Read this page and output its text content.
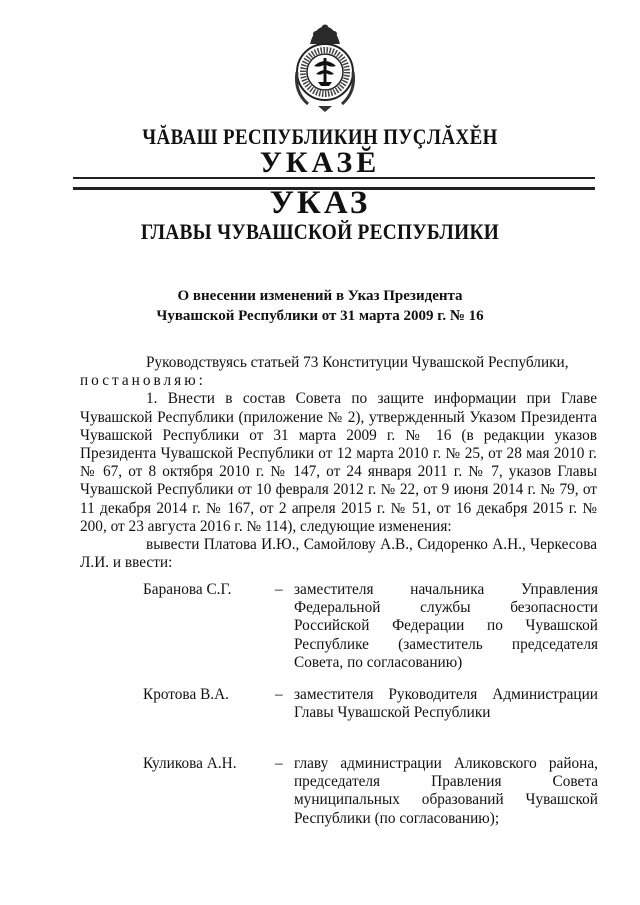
ЧĂВАШ РЕСПУБЛИКИН ПУÇЛĂХĔН
УКАЗĔ
УКАЗ
ГЛАВЫ ЧУВАШСКОЙ РЕСПУБЛИКИ
О внесении изменений в Указ Президента
Чувашской Республики от 31 марта 2009 г. № 16

Руководствуясь статьей 73 Конституции Чувашской Республики,

постановляю:

1. Внести в состав Совета по защите информации при Главе Чувашской Республики (приложение № 2), утвержденный Указом Президента Чувашской Республики от 31 марта 2009 г. № 16 (в редакции указов Президента Чувашской Республики от 12 марта 2010 г. № 25, от 28 мая 2010 г. № 67, от 8 октября 2010 г. № 147, от 24 января 2011 г. № 7, указов Главы Чувашской Республики от 10 февраля 2012 г. № 22, от 9 июня 2014 г. № 79, от 11 декабря 2014 г. № 167, от 2 апреля 2015 г. № 51, от 16 декабря 2015 г. № 200, от 23 августа 2016 г. № 114), следующие изменения:

вывести Платова И.Ю., Самойлову А.В., Сидоренко А.Н., Черкесова Л.И. и ввести:

Баранова С.Г.	– заместителя начальника Управления Федеральной службы безопасности Российской Федерации по Чувашской Республике (заместитель председателя Совета, по согласованию)
Кротова В.А.	– заместителя Руководителя Администрации Главы Чувашской Республики
Куликова А.Н.	– главу администрации Аликовского района, председателя Правления Совета муниципальных образований Чувашской Республики (по согласованию);
